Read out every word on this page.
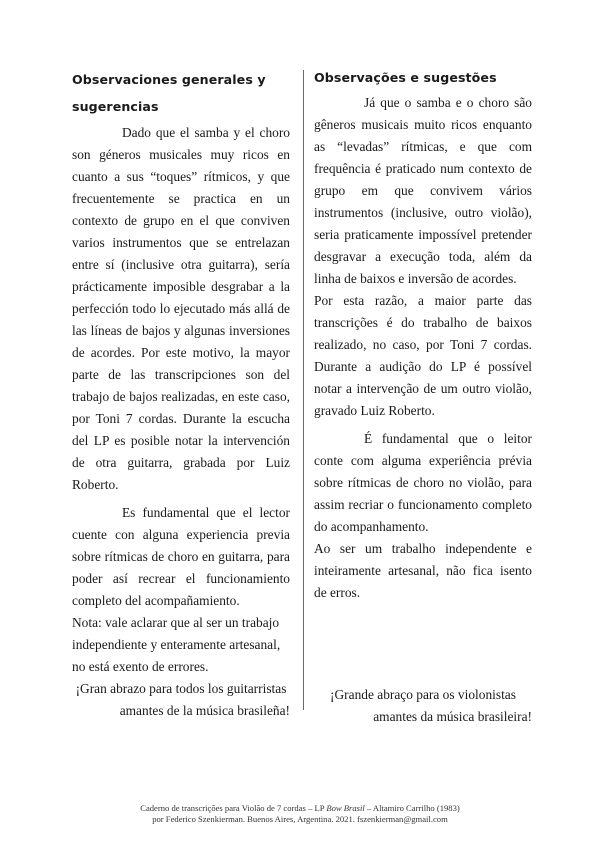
Observaciones generales y sugerencias

Dado que el samba y el choro son géneros musicales muy ricos en cuanto a sus “toques” rítmicos, y que frecuentemente se practica en un contexto de grupo en el que conviven varios instrumentos que se entrelazan entre sí (inclusive otra guitarra), sería prácticamente imposible desgrabar a la perfección todo lo ejecutado más allá de las líneas de bajos y algunas inversiones de acordes. Por este motivo, la mayor parte de las transcripciones son del trabajo de bajos realizadas, en este caso, por Toni 7 cordas. Durante la escucha del LP es posible notar la intervención de otra guitarra, grabada por Luiz Roberto.

Es fundamental que el lector cuente con alguna experiencia previa sobre rítmicas de choro en guitarra, para poder así recrear el funcionamiento completo del acompañamiento.

Nota: vale aclarar que al ser un trabajo independiente y enteramente artesanal, no está exento de errores.

¡Gran abrazo para todos los guitarristas

amantes de la música brasileña!

Observações e sugestões

Já que o samba e o choro são gêneros musicais muito ricos enquanto as “levadas” rítmicas, e que com frequência é praticado num contexto de grupo em que convivem vários instrumentos (inclusive, outro violão), seria praticamente impossível pretender desgravar a execução toda, além da linha de baixos e inversão de acordes.

Por esta razão, a maior parte das transcrições é do trabalho de baixos realizado, no caso, por Toni 7 cordas. Durante a audição do LP é possível notar a intervenção de um outro violão, gravado Luiz Roberto.

É fundamental que o leitor conte com alguma experiência prévia sobre rítmicas de choro no violão, para assim recriar o funcionamento completo do acompanhamento.

Ao ser um trabalho independente e inteiramente artesanal, não fica isento de erros.

¡Grande abraço para os violonistas

amantes da música brasileira!

Caderno de transcrições para Violão de 7 cordas – LP Bow Brasil – Altamiro Carrilho (1983)
por Federico Szenkierman. Buenos Aires, Argentina. 2021. fszenkierman@gmail.com
